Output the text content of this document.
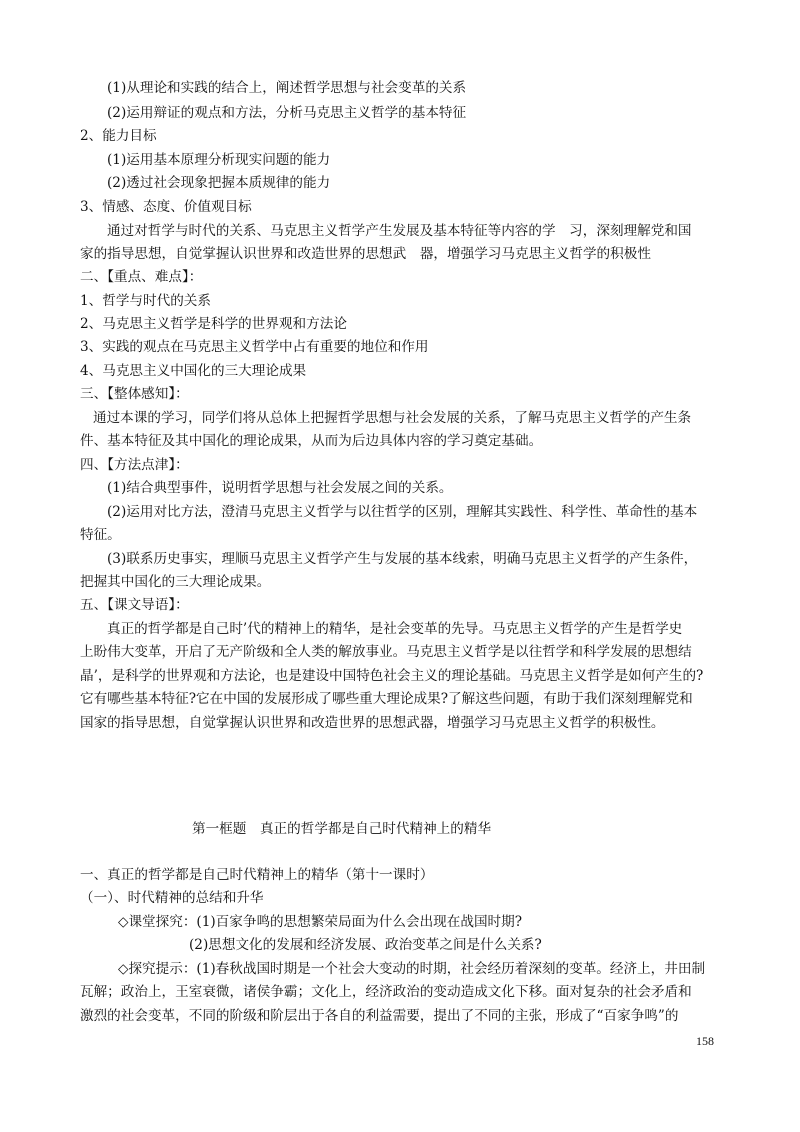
(1)从理论和实践的结合上，阐述哲学思想与社会变革的关系
(2)运用辩证的观点和方法，分析马克思主义哲学的基本特征
2、能力目标
(1)运用基本原理分析现实问题的能力
(2)透过社会现象把握本质规律的能力
3、情感、态度、价值观目标
通过对哲学与时代的关系、马克思主义哲学产生发展及基本特征等内容的学　习，深刻理解党和国
家的指导思想，自觉掌握认识世界和改造世界的思想武　器，增强学习马克思主义哲学的积极性
二、【重点、难点】：
1、哲学与时代的关系
2、马克思主义哲学是科学的世界观和方法论
3、实践的观点在马克思主义哲学中占有重要的地位和作用
4、马克思主义中国化的三大理论成果
三、【整体感知】：
通过本课的学习，同学们将从总体上把握哲学思想与社会发展的关系，了解马克思主义哲学的产生条
件、基本特征及其中国化的理论成果，从而为后边具体内容的学习奠定基础。
四、【方法点津】：
(1)结合典型事件，说明哲学思想与社会发展之间的关系。
(2)运用对比方法，澄清马克思主义哲学与以往哲学的区别，理解其实践性、科学性、革命性的基本
特征。
(3)联系历史事实，理顺马克思主义哲学产生与发展的基本线索，明确马克思主义哲学的产生条件，
把握其中国化的三大理论成果。
五、【课文导语】：
真正的哲学都是自己时’代的精神上的精华，是社会变革的先导。马克思主义哲学的产生是哲学史
上盼伟大变革，开启了无产阶级和全人类的解放事业。马克思主义哲学是以往哲学和科学发展的思想结
晶’，是科学的世界观和方法论，也是建设中国特色社会主义的理论基础。马克思主义哲学是如何产生的?
它有哪些基本特征?它在中国的发展形成了哪些重大理论成果?了解这些问题，有助于我们深刻理解党和
国家的指导思想，自觉掌握认识世界和改造世界的思想武器，增强学习马克思主义哲学的积极性。
第一框题　真正的哲学都是自己时代精神上的精华
一、真正的哲学都是自己时代精神上的精华（第十一课时）
（一）、时代精神的总结和升华
◇课堂探究：(1)百家争鸣的思想繁荣局面为什么会出现在战国时期?
(2)思想文化的发展和经济发展、政治变革之间是什么关系?
◇探究提示：(1)春秋战国时期是一个社会大变动的时期，社会经历着深刻的变革。经济上，井田制
瓦解；政治上，王室衰微，诸侯争霸；文化上，经济政治的变动造成文化下移。面对复杂的社会矛盾和
激烈的社会变革，不同的阶级和阶层出于各自的利益需要，提出了不同的主张，形成了“百家争鸣”的
158
